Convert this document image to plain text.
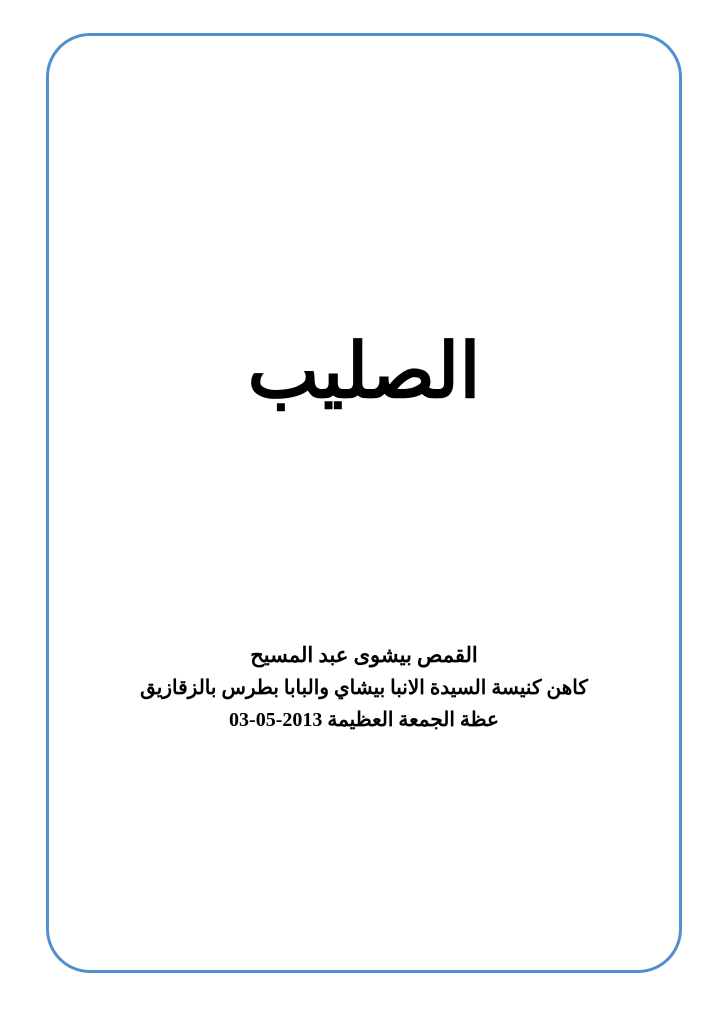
الصليب
القمص بيشوى عبد المسيح
كاهن كنيسة السيدة الانبا بيشاي والبابا بطرس بالزقازيق
عظة الجمعة العظيمة 2013-05-03
